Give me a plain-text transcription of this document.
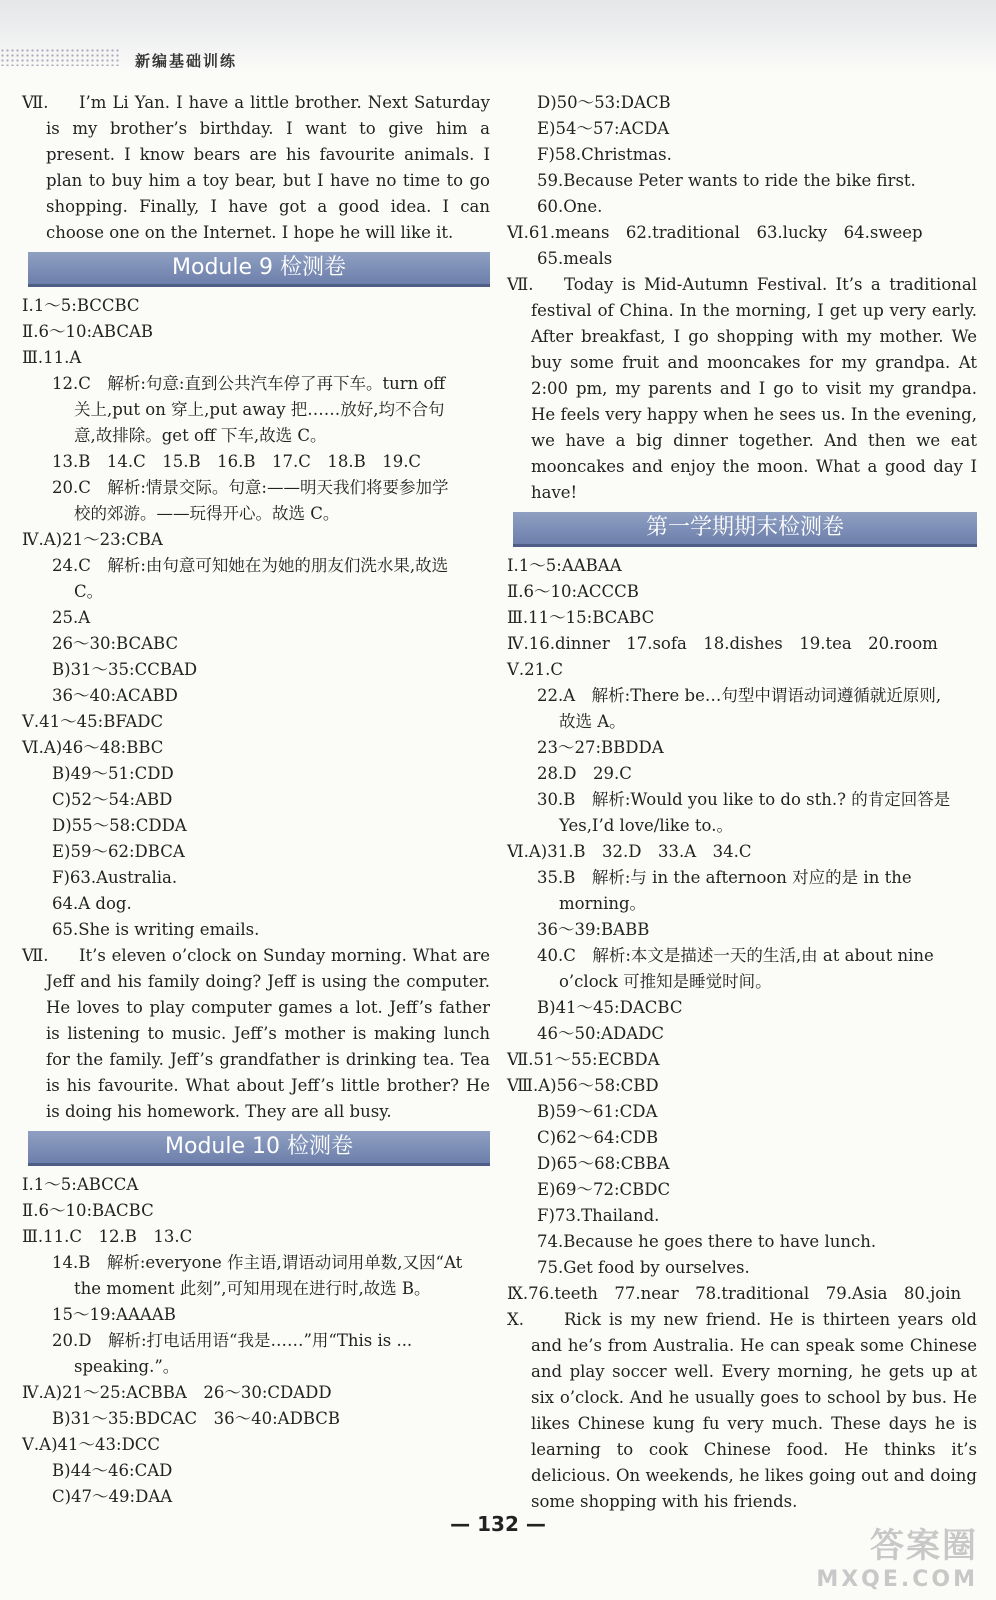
新编基础训练
Ⅶ.	I’m Li Yan. I have a little brother. Next Saturday is my brother’s birthday. I want to give him a present. I know bears are his favourite animals. I plan to buy him a toy bear, but I have no time to go shopping. Finally, I have got a good idea. I can choose one on the Internet. I hope he will like it.
Module 9 检测卷
Ⅰ.1～5:BCCBC
Ⅱ.6～10:ABCAB
Ⅲ.11.A
12.C　解析:句意:直到公共汽车停了再下车。turn off
关上,put on 穿上,put away 把……放好,均不合句
意,故排除。get off 下车,故选 C。
13.B　14.C　15.B　16.B　17.C　18.B　19.C
20.C　解析:情景交际。句意:——明天我们将要参加学
校的郊游。——玩得开心。故选 C。
Ⅳ.A)21～23:CBA
24.C　解析:由句意可知她在为她的朋友们洗水果,故选
C。
25.A
26～30:BCABC
B)31～35:CCBAD
36～40:ACABD
Ⅴ.41～45:BFADC
Ⅵ.A)46～48:BBC
B)49～51:CDD
C)52～54:ABD
D)55～58:CDDA
E)59～62:DBCA
F)63.Australia.
64.A dog.
65.She is writing emails.
Ⅶ.	It’s eleven o’clock on Sunday morning. What are Jeff and his family doing? Jeff is using the computer. He loves to play computer games a lot. Jeff’s father is listening to music. Jeff’s mother is making lunch for the family. Jeff’s grandfather is drinking tea. Tea is his favourite. What about Jeff’s little brother? He is doing his homework. They are all busy.
Module 10 检测卷
Ⅰ.1～5:ABCCA
Ⅱ.6～10:BACBC
Ⅲ.11.C　12.B　13.C
14.B　解析:everyone 作主语,谓语动词用单数,又因“At
the moment 此刻”,可知用现在进行时,故选 B。
15～19:AAAAB
20.D　解析:打电话用语“我是……”用“This is ...
speaking.”。
Ⅳ.A)21～25:ACBBA　26～30:CDADD
B)31～35:BDCAC　36～40:ADBCB
Ⅴ.A)41～43:DCC
B)44～46:CAD
C)47～49:DAA
D)50～53:DACB
E)54～57:ACDA
F)58.Christmas.
59.Because Peter wants to ride the bike first.
60.One.
Ⅵ.61.means　62.traditional　63.lucky　64.sweep
65.meals
Ⅶ.	Today is Mid-Autumn Festival. It’s a traditional festival of China. In the morning, I get up very early. After breakfast, I go shopping with my mother. We buy some fruit and mooncakes for my grandpa. At 2:00 pm, my parents and I go to visit my grandpa. He feels very happy when he sees us. In the evening, we have a big dinner together. And then we eat mooncakes and enjoy the moon. What a good day I have!
第一学期期末检测卷
Ⅰ.1～5:AABAA
Ⅱ.6～10:ACCCB
Ⅲ.11～15:BCABC
Ⅳ.16.dinner　17.sofa　18.dishes　19.tea　20.room
Ⅴ.21.C
22.A　解析:There be…句型中谓语动词遵循就近原则,
故选 A。
23～27:BBDDA
28.D　29.C
30.B　解析:Would you like to do sth.? 的肯定回答是
Yes,I’d love/like to.。
Ⅵ.A)31.B　32.D　33.A　34.C
35.B　解析:与 in the afternoon 对应的是 in the
morning。
36～39:BABB
40.C　解析:本文是描述一天的生活,由 at about nine
o’clock 可推知是睡觉时间。
B)41～45:DACBC
46～50:ADADC
Ⅶ.51～55:ECBDA
Ⅷ.A)56～58:CBD
B)59～61:CDA
C)62～64:CDB
D)65～68:CBBA
E)69～72:CBDC
F)73.Thailand.
74.Because he goes there to have lunch.
75.Get food by ourselves.
Ⅸ.76.teeth　77.near　78.traditional　79.Asia　80.join
Ⅹ.	Rick is my new friend. He is thirteen years old and he’s from Australia. He can speak some Chinese and play soccer well. Every morning, he gets up at six o’clock. And he usually goes to school by bus. He likes Chinese kung fu very much. These days he is learning to cook Chinese food. He thinks it’s delicious. On weekends, he likes going out and doing some shopping with his friends.
— 132 —
答案圈
MXQE.COM
